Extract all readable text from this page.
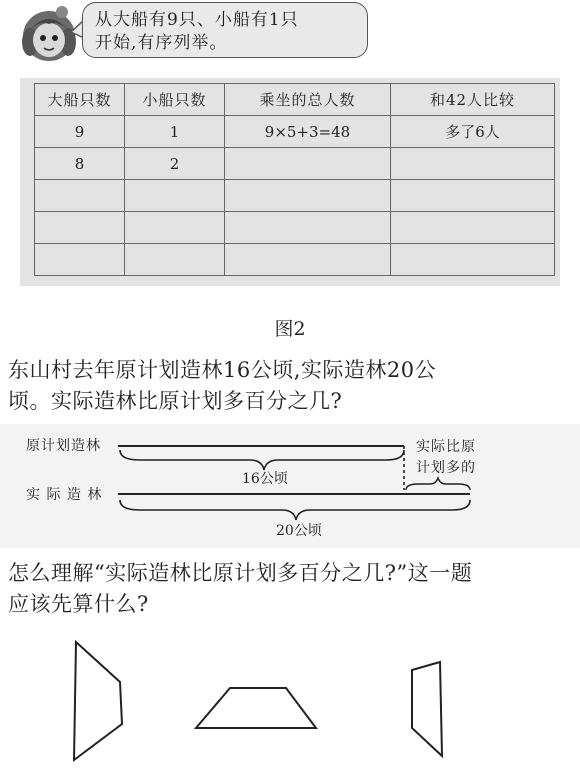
从大船有9只、小船有1只
开始,有序列举。
大船只数	小船只数	乘坐的总人数	和42人比较
9	1	9×5+3=48	多了6人
8	2		

图2
东山村去年原计划造林16公顷,实际造林20公
顷。实际造林比原计划多百分之几?
原计划造林
实 际 造 林
16公顷
20公顷
实际比原
计划多的
怎么理解“实际造林比原计划多百分之几?”这一题
应该先算什么?
